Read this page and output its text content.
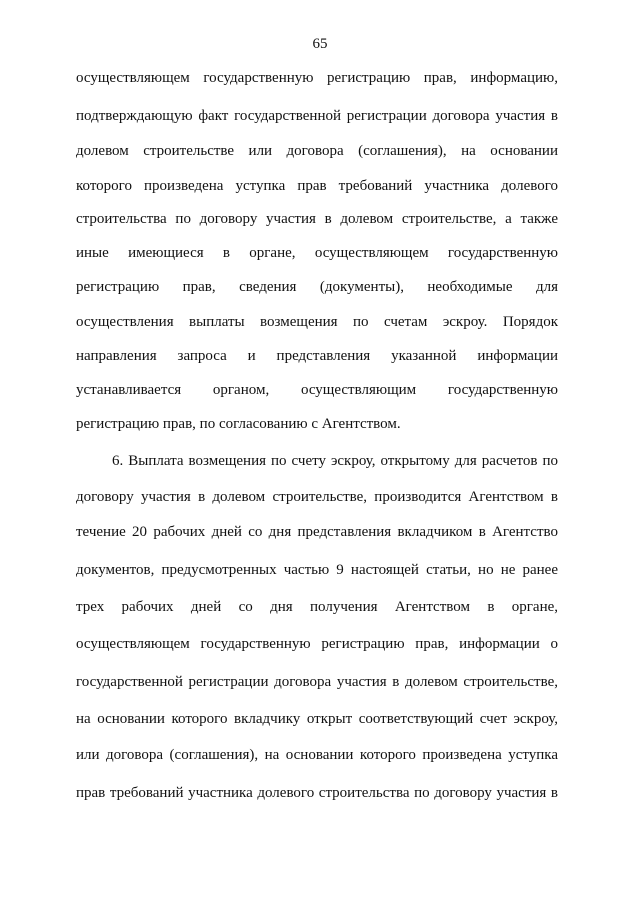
65
осуществляющем государственную регистрацию прав, информацию,
подтверждающую факт государственной регистрации договора участия в
долевом строительстве или договора (соглашения), на основании
которого произведена уступка прав требований участника долевого
строительства по договору участия в долевом строительстве, а также
иные имеющиеся в органе, осуществляющем государственную
регистрацию прав, сведения (документы), необходимые для
осуществления выплаты возмещения по счетам эскроу. Порядок
направления запроса и представления указанной информации
устанавливается органом, осуществляющим государственную
регистрацию прав, по согласованию с Агентством.
6. Выплата возмещения по счету эскроу, открытому для расчетов по
договору участия в долевом строительстве, производится Агентством в
течение 20 рабочих дней со дня представления вкладчиком в Агентство
документов, предусмотренных частью 9 настоящей статьи, но не ранее
трех рабочих дней со дня получения Агентством в органе,
осуществляющем государственную регистрацию прав, информации о
государственной регистрации договора участия в долевом строительстве,
на основании которого вкладчику открыт соответствующий счет эскроу,
или договора (соглашения), на основании которого произведена уступка
прав требований участника долевого строительства по договору участия в
